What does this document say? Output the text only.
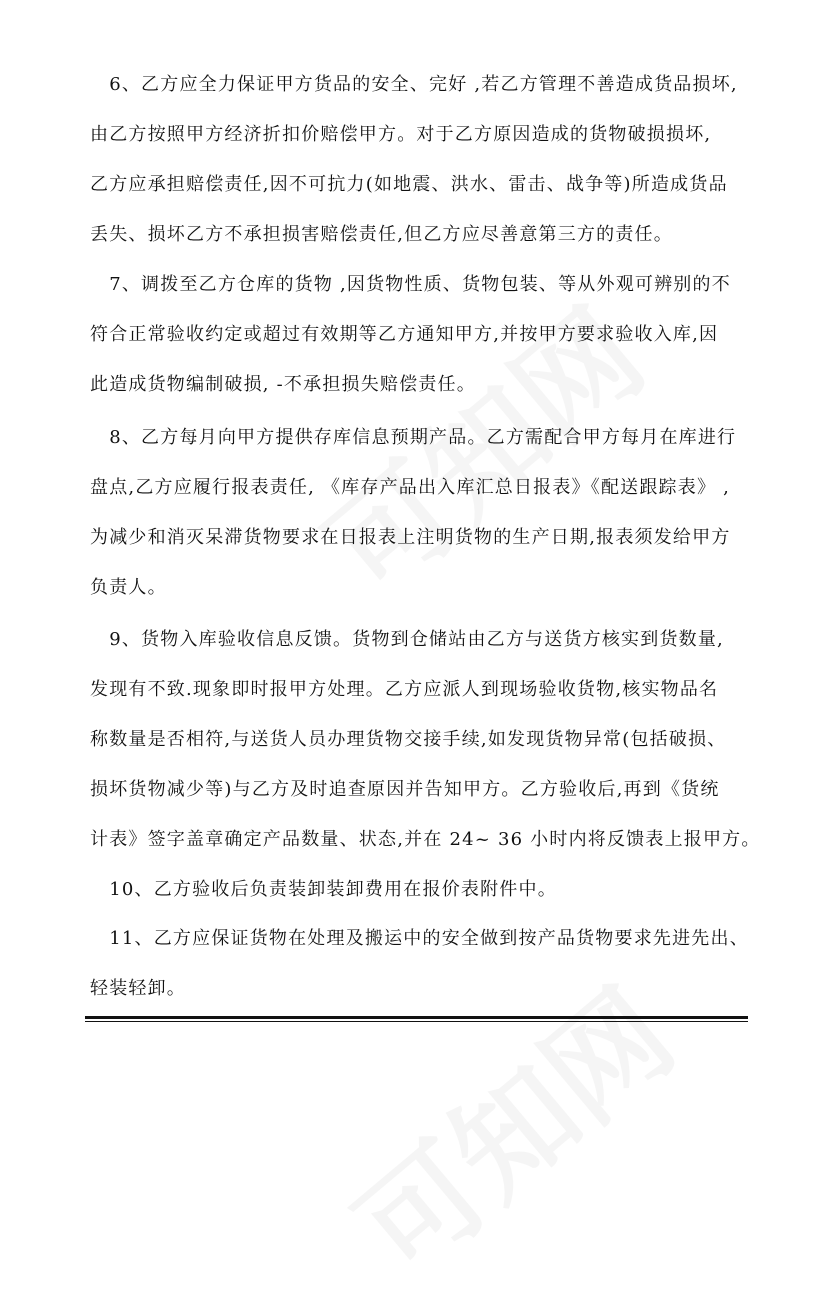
　6、乙方应全力保证甲方货品的安全、完好 ,若乙方管理不善造成货品损坏,
由乙方按照甲方经济折扣价赔偿甲方。对于乙方原因造成的货物破损损坏,
乙方应承担赔偿责任,因不可抗力(如地震、洪水、雷击、战争等)所造成货品
丢失、损坏乙方不承担损害赔偿责任,但乙方应尽善意第三方的责任。
　7、调拨至乙方仓库的货物 ,因货物性质、货物包装、等从外观可辨别的不
符合正常验收约定或超过有效期等乙方通知甲方,并按甲方要求验收入库,因
此造成货物编制破损, -不承担损失赔偿责任。
　8、乙方每月向甲方提供存库信息预期产品。乙方需配合甲方每月在库进行
盘点,乙方应履行报表责任, 《库存产品出入库汇总日报表》《配送跟踪表》 ,
为减少和消灭呆滞货物要求在日报表上注明货物的生产日期,报表须发给甲方
负责人。
　9、货物入库验收信息反馈。货物到仓储站由乙方与送货方核实到货数量,
发现有不致.现象即时报甲方处理。乙方应派人到现场验收货物,核实物品名
称数量是否相符,与送货人员办理货物交接手续,如发现货物异常(包括破损、
损坏货物减少等)与乙方及时追查原因并告知甲方。乙方验收后,再到《货统
计表》签字盖章确定产品数量、状态,并在 24~ 36 小时内将反馈表上报甲方。
　10、乙方验收后负责装卸装卸费用在报价表附件中。
　11、乙方应保证货物在处理及搬运中的安全做到按产品货物要求先进先出、
轻装轻卸。
